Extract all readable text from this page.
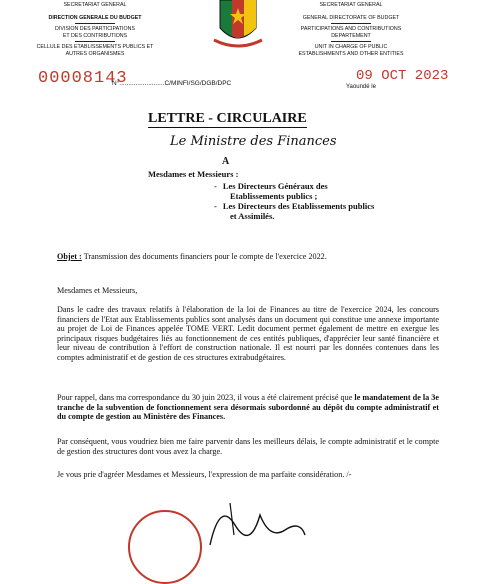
SECRETARIAT GENERAL
DIRECTION GENERALE DU BUDGET
DIVISION DES PARTICIPATIONS
ET DES CONTRIBUTIONS
CELLULE DES ETABLISSEMENTS PUBLICS ET
AUTRES ORGANISMES
SECRETARIAT GENERAL
GENERAL DIRECTORATE OF BUDGET
PARTICIPATIONS AND CONTRIBUTIONS
DEPARTEMENT
UNIT IN CHARGE OF PUBLIC
ESTABLISHMENTS AND OTHER ENTITIES
00008143
N°.........................C/MINFI/SG/DGB/DPC	09 OCT 2023
Yaoundé le
LETTRE - CIRCULAIRE
Le Ministre des Finances
A
Mesdames et Messieurs :
- Les Directeurs Généraux des
Etablissements publics ;
- Les Directeurs des Etablissements publics
et Assimilés.
Objet : Transmission des documents financiers pour le compte de l'exercice 2022.
Mesdames et Messieurs,
Dans le cadre des travaux relatifs à l'élaboration de la loi de Finances au titre de l'exercice 2024, les concours financiers de l'Etat aux Etablissements publics sont analysés dans un document qui constitue une annexe importante au projet de Loi de Finances appelée TOME VERT. Ledit document permet également de mettre en exergue les principaux risques budgétaires liés au fonctionnement de ces entités publiques, d'apprécier leur santé financière et leur niveau de contribution à l'effort de construction nationale. Il est nourri par les données contenues dans les comptes administratif et de gestion de ces structures extrabudgétaires.
Pour rappel, dans ma correspondance du 30 juin 2023, il vous a été clairement précisé que le mandatement de la 3e tranche de la subvention de fonctionnement sera désormais subordonné au dépôt du compte administratif et du compte de gestion au Ministère des Finances.
Par conséquent, vous voudriez bien me faire parvenir dans les meilleurs délais, le compte administratif et le compte de gestion des structures dont vous avez la charge.
Je vous prie d'agréer Mesdames et Messieurs, l'expression de ma parfaite considération. /-
